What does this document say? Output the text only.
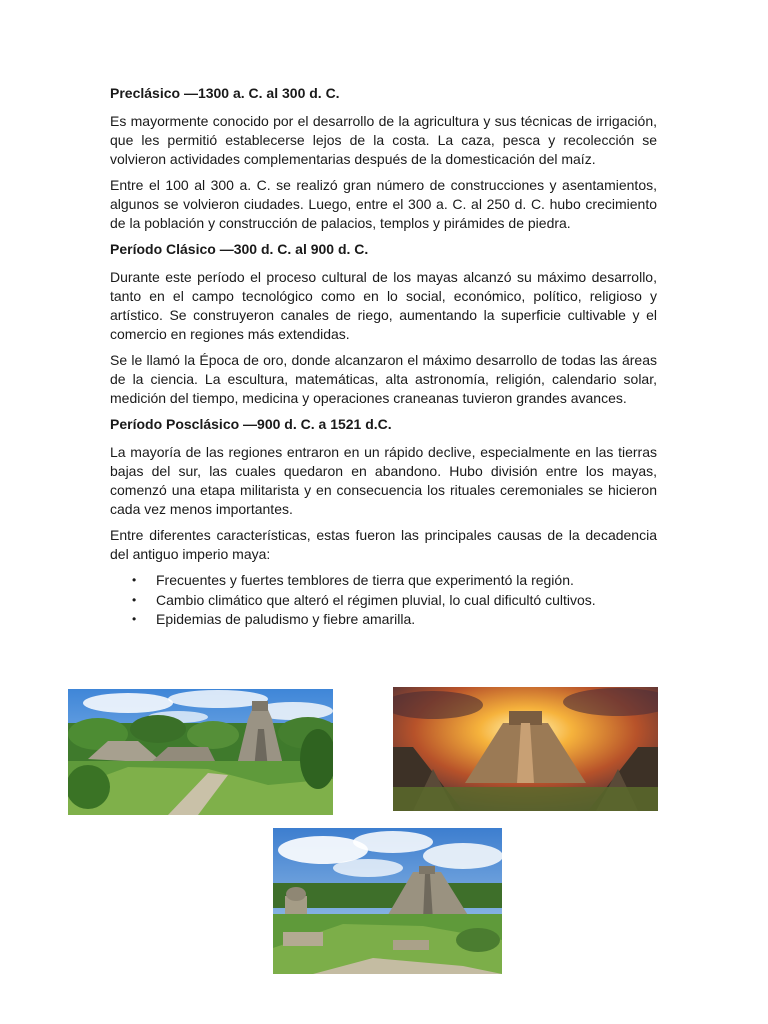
Preclásico —1300 a. C. al 300 d. C.

Es mayormente conocido por el desarrollo de la agricultura y sus técnicas de irrigación, que les permitió establecerse lejos de la costa. La caza, pesca y recolección se volvieron actividades complementarias después de la domesticación del maíz.

Entre el 100 al 300 a. C. se realizó gran número de construcciones y asentamientos, algunos se volvieron ciudades. Luego, entre el 300 a. C. al 250 d. C. hubo crecimiento de la población y construcción de palacios, templos y pirámides de piedra.

Período Clásico —300 d. C. al 900 d. C.

Durante este período el proceso cultural de los mayas alcanzó su máximo desarrollo, tanto en el campo tecnológico como en lo social, económico, político, religioso y artístico. Se construyeron canales de riego, aumentando la superficie cultivable y el comercio en regiones más extendidas.

Se le llamó la Época de oro, donde alcanzaron el máximo desarrollo de todas las áreas de la ciencia. La escultura, matemáticas, alta astronomía, religión, calendario solar, medición del tiempo, medicina y operaciones craneanas tuvieron grandes avances.

Período Posclásico —900 d. C. a 1521 d.C.

La mayoría de las regiones entraron en un rápido declive, especialmente en las tierras bajas del sur, las cuales quedaron en abandono. Hubo división entre los mayas, comenzó una etapa militarista y en consecuencia los rituales ceremoniales se hicieron cada vez menos importantes.

Entre diferentes características, estas fueron las principales causas de la decadencia del antiguo imperio maya:

• Frecuentes y fuertes temblores de tierra que experimentó la región.
• Cambio climático que alteró el régimen pluvial, lo cual dificultó cultivos.
• Epidemias de paludismo y fiebre amarilla.
